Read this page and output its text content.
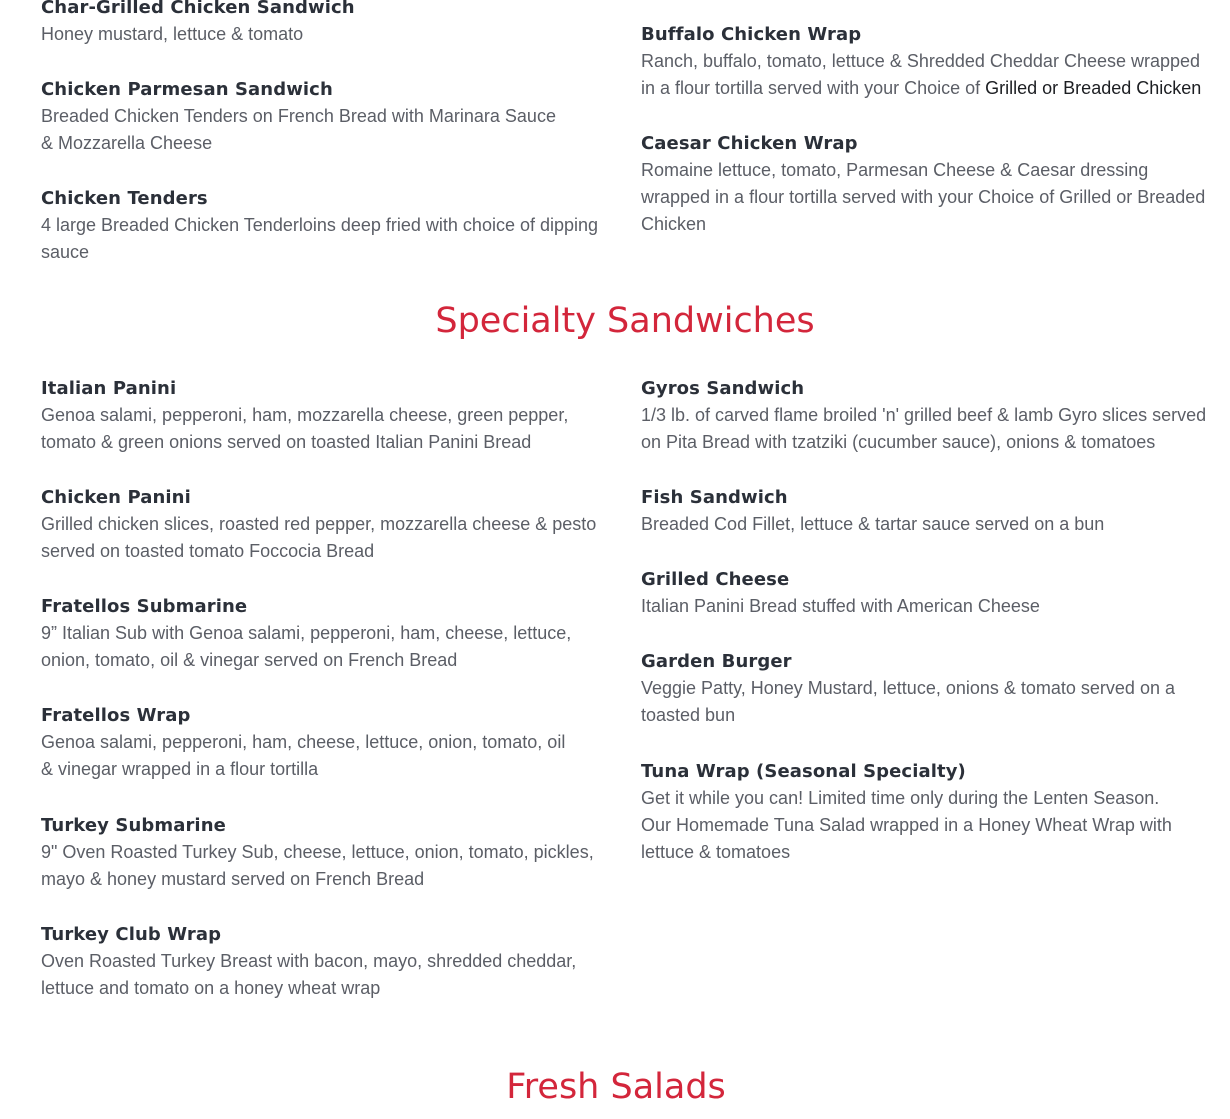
Char-Grilled Chicken Sandwich
Honey mustard, lettuce & tomato
Chicken Parmesan Sandwich
Breaded Chicken Tenders on French Bread with Marinara Sauce
& Mozzarella Cheese
Chicken Tenders
4 large Breaded Chicken Tenderloins deep fried with choice of dipping sauce
Buffalo Chicken Wrap
Ranch, buffalo, tomato, lettuce & Shredded Cheddar Cheese wrapped in a flour tortilla served with your Choice of Grilled or Breaded Chicken
Caesar Chicken Wrap
Romaine lettuce, tomato, Parmesan Cheese & Caesar dressing wrapped in a flour tortilla served with your Choice of Grilled or Breaded Chicken
Specialty Sandwiches
Italian Panini
Genoa salami, pepperoni, ham, mozzarella cheese, green pepper, tomato & green onions served on toasted Italian Panini Bread
Chicken Panini
Grilled chicken slices, roasted red pepper, mozzarella cheese & pesto served on toasted tomato Foccocia Bread
Fratellos Submarine
9” Italian Sub with Genoa salami, pepperoni, ham, cheese, lettuce, onion, tomato, oil & vinegar served on French Bread
Fratellos Wrap
Genoa salami, pepperoni, ham, cheese, lettuce, onion, tomato, oil
& vinegar wrapped in a flour tortilla
Turkey Submarine
9" Oven Roasted Turkey Sub, cheese, lettuce, onion, tomato, pickles, mayo & honey mustard served on French Bread
Turkey Club Wrap
Oven Roasted Turkey Breast with bacon, mayo, shredded cheddar, lettuce and tomato on a honey wheat wrap
Gyros Sandwich
1/3 lb. of carved flame broiled 'n' grilled beef & lamb Gyro slices served on Pita Bread with tzatziki (cucumber sauce), onions & tomatoes
Fish Sandwich
Breaded Cod Fillet, lettuce & tartar sauce served on a bun
Grilled Cheese
Italian Panini Bread stuffed with American Cheese
Garden Burger
Veggie Patty, Honey Mustard, lettuce, onions & tomato served on a toasted bun
Tuna Wrap (Seasonal Specialty)
Get it while you can! Limited time only during the Lenten Season.
Our Homemade Tuna Salad wrapped in a Honey Wheat Wrap with lettuce & tomatoes
Fresh Salads
